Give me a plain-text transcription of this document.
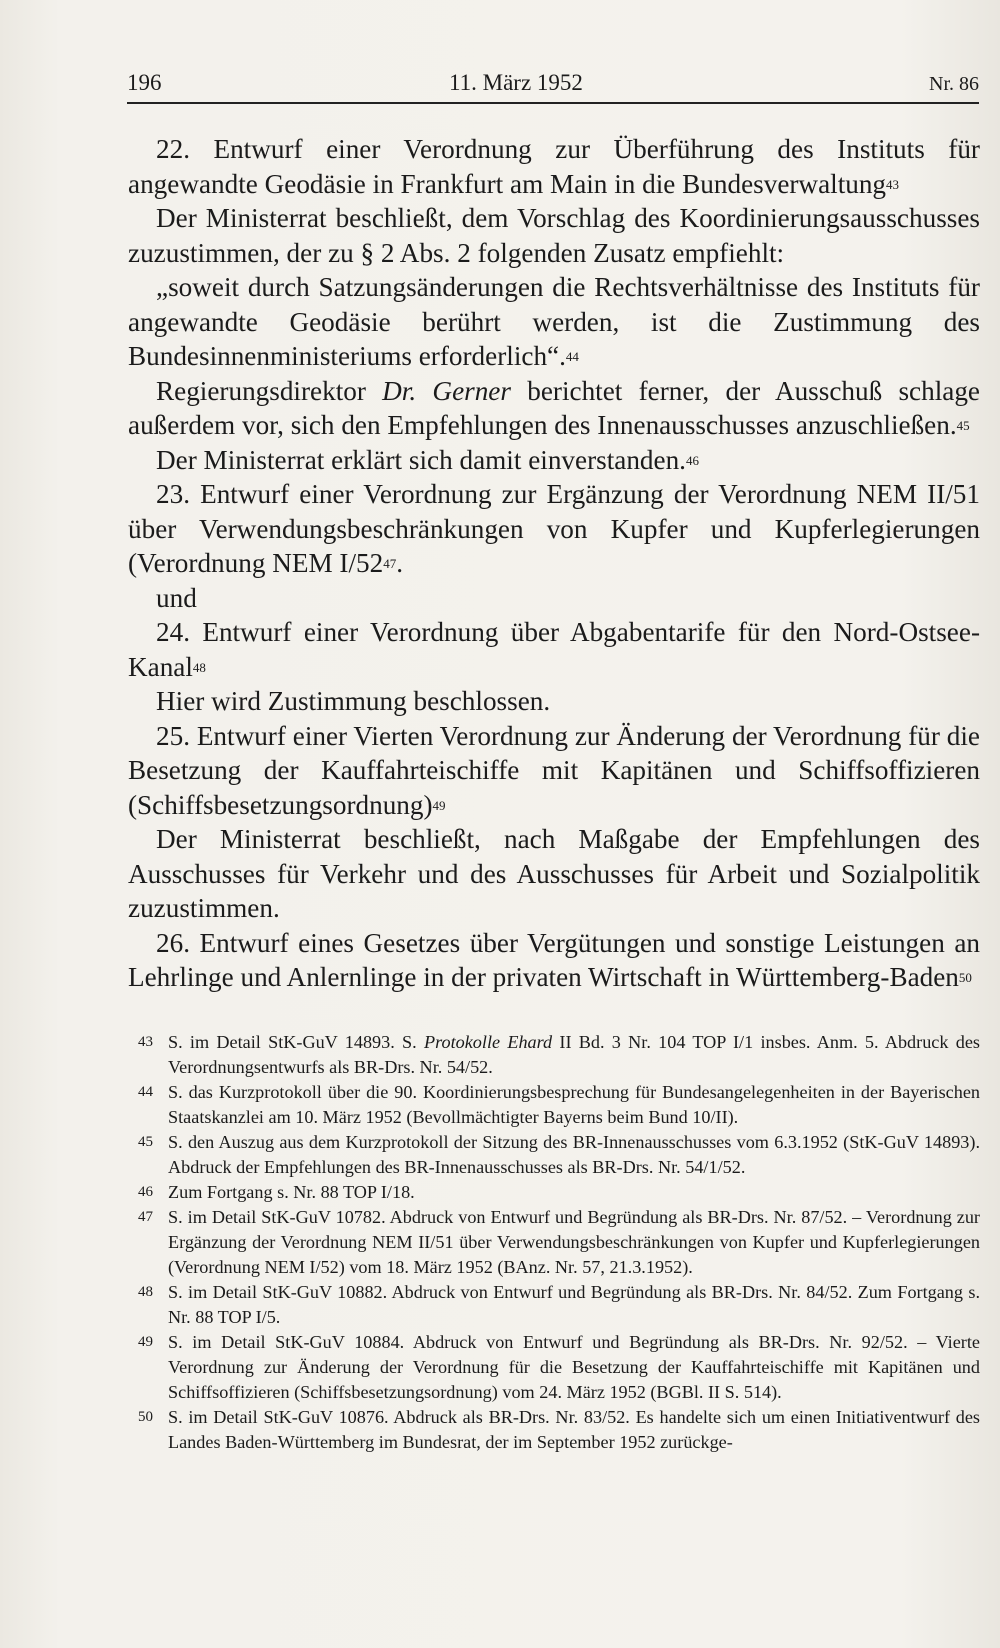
196	11. März 1952	Nr. 86

22. Entwurf einer Verordnung zur Überführung des Instituts für angewandte Geodäsie in Frankfurt am Main in die Bundesverwaltung$^{43}$

Der Ministerrat beschließt, dem Vorschlag des Koordinierungsausschusses zuzustimmen, der zu § 2 Abs. 2 folgenden Zusatz empfiehlt:

„soweit durch Satzungsänderungen die Rechtsverhältnisse des Instituts für angewandte Geodäsie berührt werden, ist die Zustimmung des Bundesinnenministeriums erforderlich“.$^{44}$

Regierungsdirektor Dr. Gerner berichtet ferner, der Ausschuß schlage außerdem vor, sich den Empfehlungen des Innenausschusses anzuschließen.$^{45}$

Der Ministerrat erklärt sich damit einverstanden.$^{46}$

23. Entwurf einer Verordnung zur Ergänzung der Verordnung NEM II/51 über Verwendungsbeschränkungen von Kupfer und Kupferlegierungen (Verordnung NEM $I/52^{47}$.

und

24. Entwurf einer Verordnung über Abgabentarife für den Nord-Ostsee-Kanal$^{48}$

Hier wird Zustimmung beschlossen.

25. Entwurf einer Vierten Verordnung zur Änderung der Verordnung für die Besetzung der Kauffahrteischiffe mit Kapitänen und Schiffsoffizieren (Schiffsbesetzungsordnung)$^{49}$

Der Ministerrat beschließt, nach Maßgabe der Empfehlungen des Ausschusses für Verkehr und des Ausschusses für Arbeit und Sozialpolitik zuzustimmen.

26. Entwurf eines Gesetzes über Vergütungen und sonstige Leistungen an Lehrlinge und Anlernlinge in der privaten Wirtschaft in Württemberg-Baden$^{50}$

43 S. im Detail StK-GuV 14893. S. Protokolle Ehard II Bd. 3 Nr. 104 TOP I/1 insbes. Anm. 5. Abdruck des Verordnungsentwurfs als BR-Drs. Nr. 54/52.

44 S. das Kurzprotokoll über die 90. Koordinierungsbesprechung für Bundesangelegenheiten in der Bayerischen Staatskanzlei am 10. März 1952 (Bevollmächtigter Bayerns beim Bund 10/II).

45 S. den Auszug aus dem Kurzprotokoll der Sitzung des BR-Innenausschusses vom 6.3.1952 (StK-GuV 14893). Abdruck der Empfehlungen des BR-Innenausschusses als BR-Drs. Nr. 54/1/52.

46 Zum Fortgang s. Nr. 88 TOP I/18.

47 S. im Detail StK-GuV 10782. Abdruck von Entwurf und Begründung als BR-Drs. Nr. 87/52. – Verordnung zur Ergänzung der Verordnung NEM II/51 über Verwendungsbeschränkungen von Kupfer und Kupferlegierungen (Verordnung NEM I/52) vom 18. März 1952 (BAnz. Nr. 57, 21.3.1952).

48 S. im Detail StK-GuV 10882. Abdruck von Entwurf und Begründung als BR-Drs. Nr. 84/52. Zum Fortgang s. Nr. 88 TOP I/5.

49 S. im Detail StK-GuV 10884. Abdruck von Entwurf und Begründung als BR-Drs. Nr. 92/52. – Vierte Verordnung zur Änderung der Verordnung für die Besetzung der Kauffahrteischiffe mit Kapitänen und Schiffsoffizieren (Schiffsbesetzungsordnung) vom 24. März 1952 (BGBl. II S. 514).

50 S. im Detail StK-GuV 10876. Abdruck als BR-Drs. Nr. 83/52. Es handelte sich um einen Initiativentwurf des Landes Baden-Württemberg im Bundesrat, der im September 1952 zurückge-
